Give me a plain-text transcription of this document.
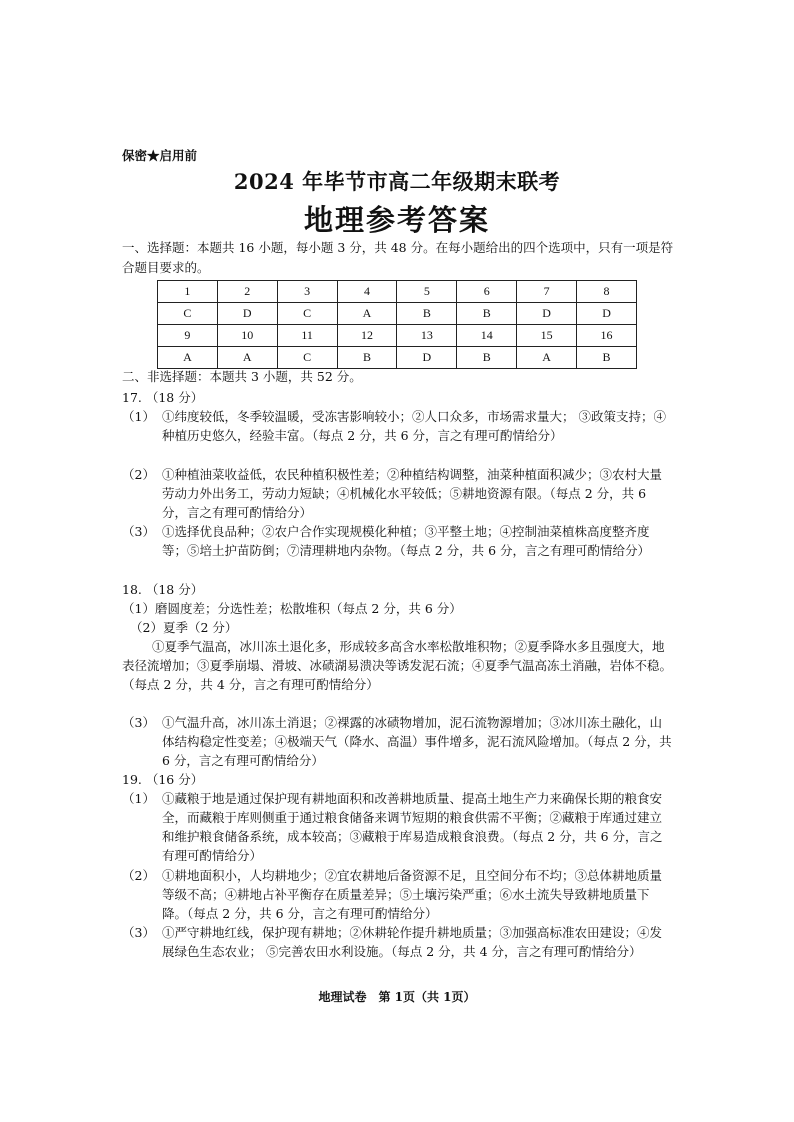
保密★启用前
2024 年毕节市高二年级期末联考
地理参考答案
一、选择题：本题共 16 小题，每小题 3 分，共 48 分。在每小题给出的四个选项中，只有一项是符合题目要求的。
1	2	3	4	5	6	7	8
C	D	C	A	B	B	D	D
9	10	11	12	13	14	15	16
A	A	C	B	D	B	A	B
二、非选择题：本题共 3 小题，共 52 分。
17. （18 分）
（1） ①纬度较低，冬季较温暖，受冻害影响较小；②人口众多，市场需求量大； ③政策支持；④种植历史悠久，经验丰富。（每点 2 分，共 6 分，言之有理可酌情给分）
（2） ①种植油菜收益低，农民种植积极性差；②种植结构调整，油菜种植面积减少；③农村大量劳动力外出务工，劳动力短缺；④机械化水平较低；⑤耕地资源有限。（每点 2 分，共 6 分，言之有理可酌情给分）
（3） ①选择优良品种；②农户合作实现规模化种植；③平整土地；④控制油菜植株高度整齐度等；⑤培土护苗防倒；⑦清理耕地内杂物。（每点 2 分，共 6 分，言之有理可酌情给分）
18. （18 分）
（1）磨圆度差；分选性差；松散堆积（每点 2 分，共 6 分）
（2）夏季（2 分）
①夏季气温高，冰川冻土退化多，形成较多高含水率松散堆积物；②夏季降水多且强度大，地表径流增加；③夏季崩塌、滑坡、冰碛湖易溃决等诱发泥石流；④夏季气温高冻土消融，岩体不稳。（每点 2 分，共 4 分，言之有理可酌情给分）
（3） ①气温升高，冰川冻土消退；②裸露的冰碛物增加，泥石流物源增加；③冰川冻土融化，山体结构稳定性变差；④极端天气（降水、高温）事件增多，泥石流风险增加。（每点 2 分，共 6 分，言之有理可酌情给分）
19. （16 分）
（1） ①藏粮于地是通过保护现有耕地面积和改善耕地质量、提高土地生产力来确保长期的粮食安全，而藏粮于库则侧重于通过粮食储备来调节短期的粮食供需不平衡；②藏粮于库通过建立和维护粮食储备系统，成本较高；③藏粮于库易造成粮食浪费。（每点 2 分，共 6 分，言之有理可酌情给分）
（2） ①耕地面积小，人均耕地少；②宜农耕地后备资源不足，且空间分布不均；③总体耕地质量等级不高；④耕地占补平衡存在质量差异；⑤土壤污染严重；⑥水土流失导致耕地质量下降。（每点 2 分，共 6 分，言之有理可酌情给分）
（3） ①严守耕地红线，保护现有耕地；②休耕轮作提升耕地质量；③加强高标准农田建设；④发展绿色生态农业； ⑤完善农田水利设施。（每点 2 分，共 4 分，言之有理可酌情给分）
地理试卷　第 1页（共 1页）
